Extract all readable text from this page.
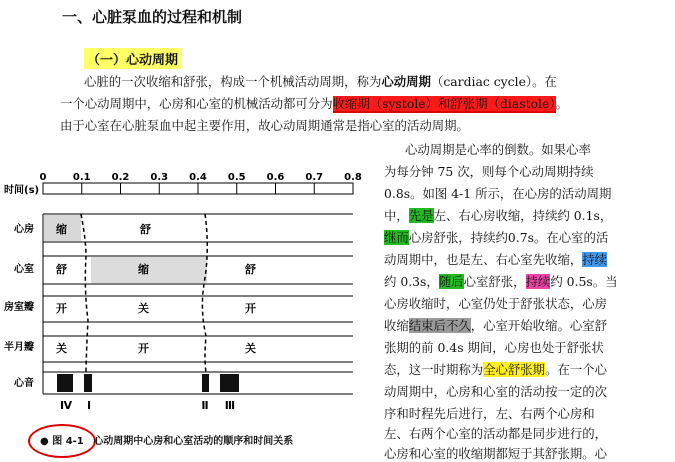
一、心脏泵血的过程和机制
（一）心动周期
心脏的一次收缩和舒张，构成一个机械活动周期，称为心动周期（cardiac cycle）。在
一个心动周期中，心房和心室的机械活动都可分为收缩期（systole）和舒张期（diastole）。
由于心室在心脏泵血中起主要作用，故心动周期通常是指心室的活动周期。
心动周期是心率的倒数。如果心率
为每分钟 75 次，则每个心动周期持续
0.8s。如图 4-1 所示，在心房的活动周期
中，先是左、右心房收缩，持续约 0.1s，
继而心房舒张，持续约0.7s。在心室的活
动周期中，也是左、右心室先收缩，持续
约 0.3s，随后心室舒张，持续约 0.5s。当
心房收缩时，心室仍处于舒张状态，心房
收缩结束后不久，心室开始收缩。心室舒
张期的前 0.4s 期间，心房也处于舒张状
态，这一时期称为全心舒张期。在一个心
动周期中，心房和心室的活动按一定的次
序和时程先后进行，左、右两个心房和
左、右两个心室的活动都是同步进行的，
心房和心室的收缩期都短于其舒张期。心
0	0.1 0.2 0.3 0.4 0.5 0.6 0.7 0.8
时间(s)
心房
心室
房室瓣
半月瓣
心音
缩	舒
舒	缩	舒
开	关	开
关	开	关
Ⅳ Ⅰ	Ⅱ Ⅲ
● 图 4-1 心动周期中心房和心室活动的顺序和时间关系
